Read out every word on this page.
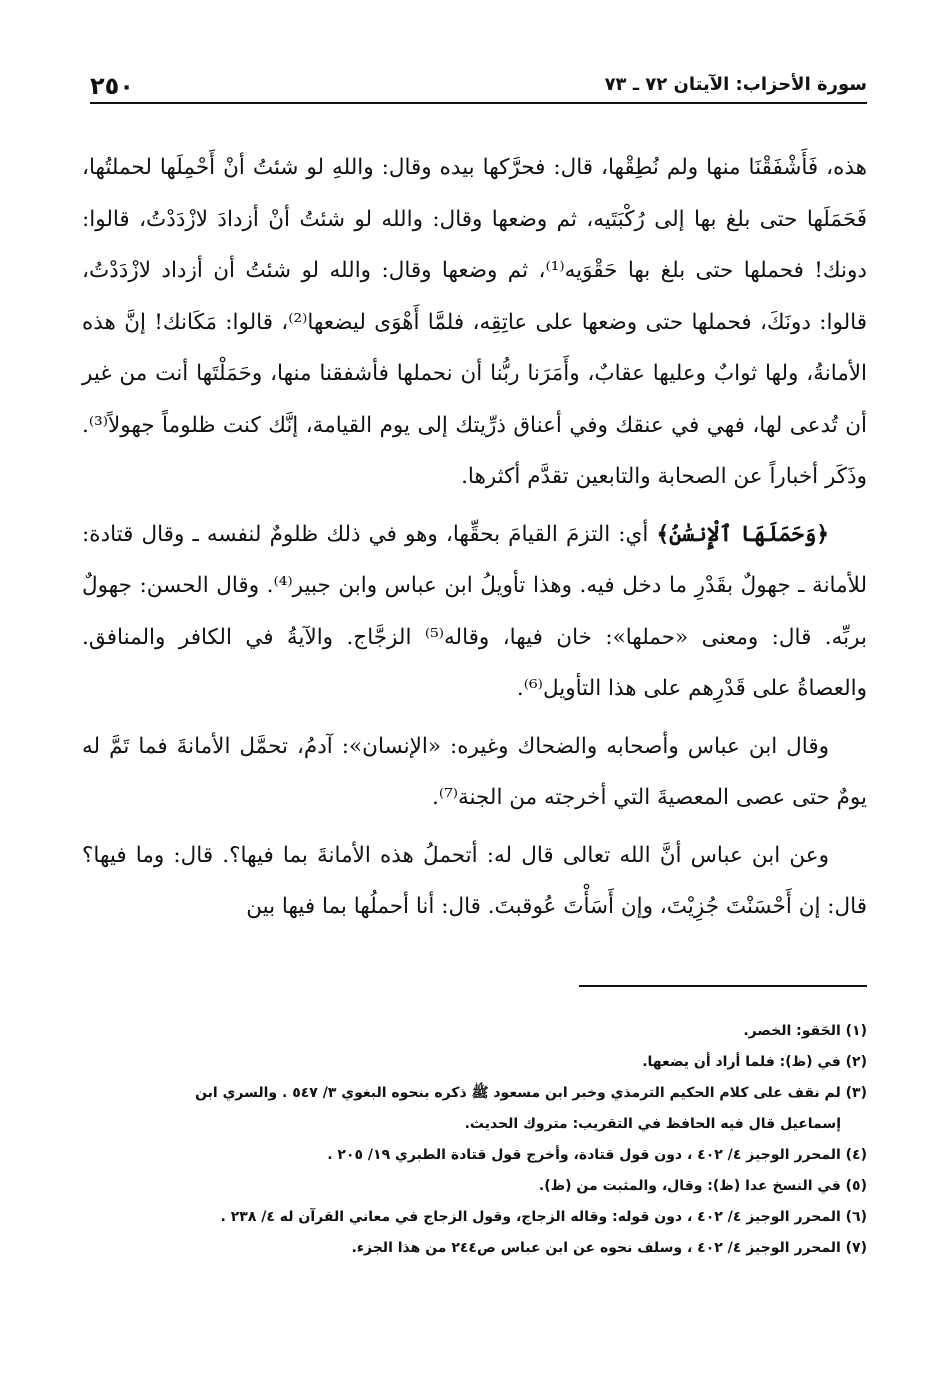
سورة الأحزاب: الآيتان ٧٢ ـ ٧٣
٢٥٠

هذه، فَأَشْفَقْنَا منها ولم نُطِقْها، قال: فحرَّكها بيده وقال: واللهِ لو شئتُ أنْ أَحْمِلَها لحملتُها، فَحَمَلَها حتى بلغ بها إلى رُكْبَتَيه، ثم وضعها وقال: والله لو شئتُ أنْ أزدادَ لازْدَدْتُ، قالوا: دونك! فحملها حتى بلغ بها حَقْوَيه⁽¹⁾، ثم وضعها وقال: والله لو شئتُ أن أزداد لازْدَدْتُ، قالوا: دونَكَ، فحملها حتى وضعها على عاتِقِه، فلمَّا أَهْوَى ليضعها⁽²⁾، قالوا: مَكَانك! إنَّ هذه الأمانةُ، ولها ثوابٌ وعليها عقابٌ، وأَمَرَنا ربُّنا أن نحملها فأشفقنا منها، وحَمَلْتَها أنت من غير أن تُدعى لها، فهي في عنقك وفي أعناق ذرِّيتك إلى يوم القيامة، إنَّك كنت ظلوماً جهولاً⁽³⁾. وذَكَر أخباراً عن الصحابة والتابعين تقدَّم أكثرها.

﴿وَحَمَلَهَا ٱلْإِنسَٰنُ﴾ أي: التزمَ القيامَ بحقِّها، وهو في ذلك ظلومٌ لنفسه ـ وقال قتادة: للأمانة ـ جهولٌ بقَدْرِ ما دخل فيه. وهذا تأويلُ ابن عباس وابن جبير⁽⁴⁾. وقال الحسن: جهولٌ بربِّه. قال: ومعنى «حملها»: خان فيها، وقاله⁽⁵⁾ الزجَّاج. والآيةُ في الكافر والمنافق. والعصاةُ على قَدْرِهم على هذا التأويل⁽⁶⁾.

وقال ابن عباس وأصحابه والضحاك وغيره: «الإنسان»: آدمُ، تحمَّل الأمانةَ فما تَمَّ له يومٌ حتى عصى المعصيةَ التي أخرجته من الجنة⁽⁷⁾.

وعن ابن عباس أنَّ الله تعالى قال له: أتحملُ هذه الأمانةَ بما فيها؟. قال: وما فيها؟ قال: إن أَحْسَنْتَ جُزِيْتَ، وإن أَسَأْتَ عُوقبتَ. قال: أنا أحملُها بما فيها بين

(١) الحَقو: الخصر.
(٢) في (ظ): فلما أراد أن يضعها.
(٣) لم نقف على كلام الحكيم الترمذي وخبر ابن مسعود ﷺ ذكره بنحوه البغوي ٣/ ٥٤٧ . والسري ابن
إسماعيل قال فيه الحافظ في التقريب: متروك الحديث.
(٤) المحرر الوجيز ٤/ ٤٠٢ ، دون قول قتادة، وأخرج قول قتادة الطبري ١٩/ ٢٠٥ .
(٥) في النسخ عدا (ظ): وقال، والمثبت من (ظ).
(٦) المحرر الوجيز ٤/ ٤٠٢ ، دون قوله: وقاله الزجاج، وقول الزجاج في معاني القرآن له ٤/ ٢٣٨ .
(٧) المحرر الوجيز ٤/ ٤٠٢ ، وسلف نحوه عن ابن عباس ص٢٤٤ من هذا الجزء.
